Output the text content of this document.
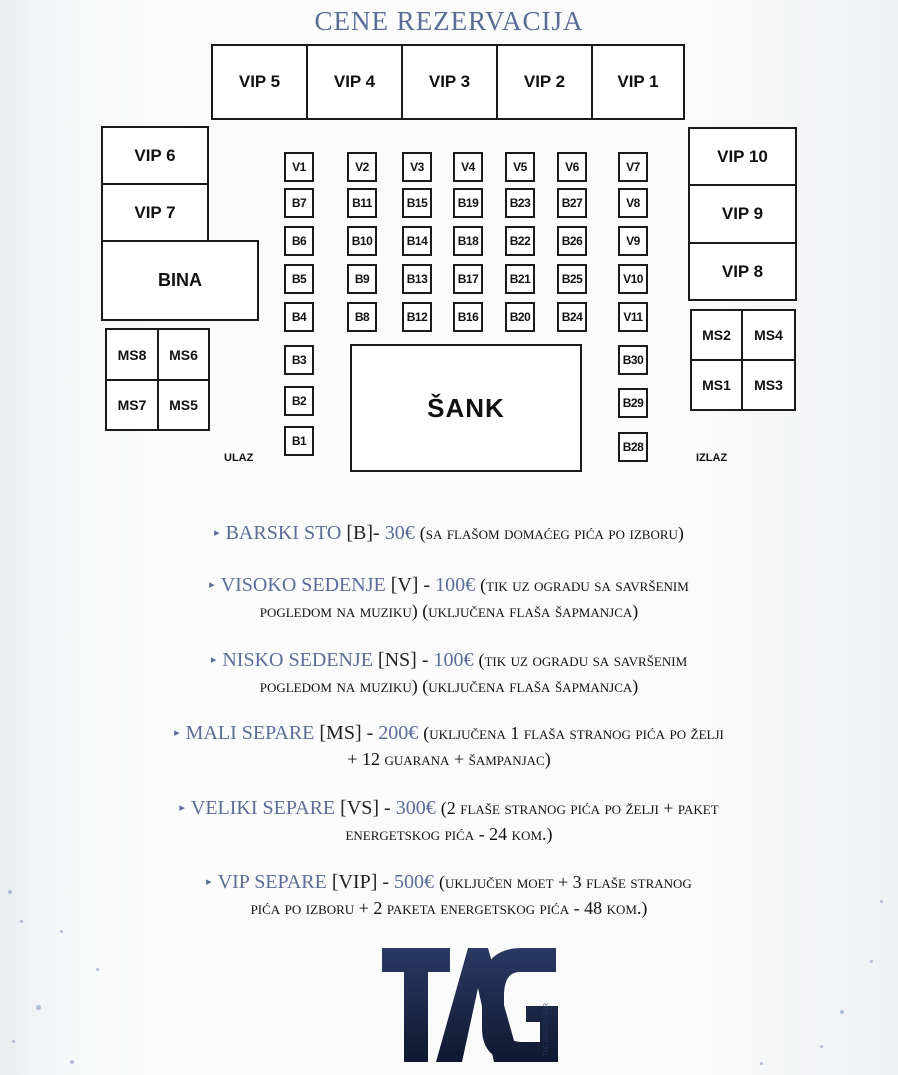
CENE REZERVACIJA
VIP 5	VIP 4	VIP 3	VIP 2	VIP 1
VIP 6
VIP 7
BINA
VIP 10
VIP 9
VIP 8
MS8	MS6
MS7	MS5
MS2	MS4
MS1	MS3
V1	V2	V3	V4	V5	V6	V7
B7	B11	B15	B19	B23	B27	V8
B6	B10	B14	B18	B22	B26	V9
B5	B9	B13	B17	B21	B25	V10
B4	B8	B12	B16	B20	B24	V11
B3
B2
B1
B30
B29
B28
ŠANK
ULAZ	IZLAZ
▸ BARSKI STO [B]- 30€ (sa flašom domaćeg pića po izboru)
▸ VISOKO SEDENJE [V] - 100€ (tik uz ogradu sa savršenim
pogledom na muziku) (uključena flaša šapmanjca)
▸ NISKO SEDENJE [NS] - 100€ (tik uz ogradu sa savršenim
pogledom na muziku) (uključena flaša šapmanjca)
▸ MALI SEPARE [MS] - 200€ (uključena 1 flaša stranog pića po želji
+ 12 guarana + šampanjac)
▸ VELIKI SEPARE [VS] - 300€ (2 flaše stranog pića po želji + paket
energetskog pića - 24 kom.)
▸ VIP SEPARE [VIP] - 500€ (uključen moet + 3 flaše stranog
pića po izboru + 2 paketa energetskog pića - 48 kom.)
THE GASTRO BAR
